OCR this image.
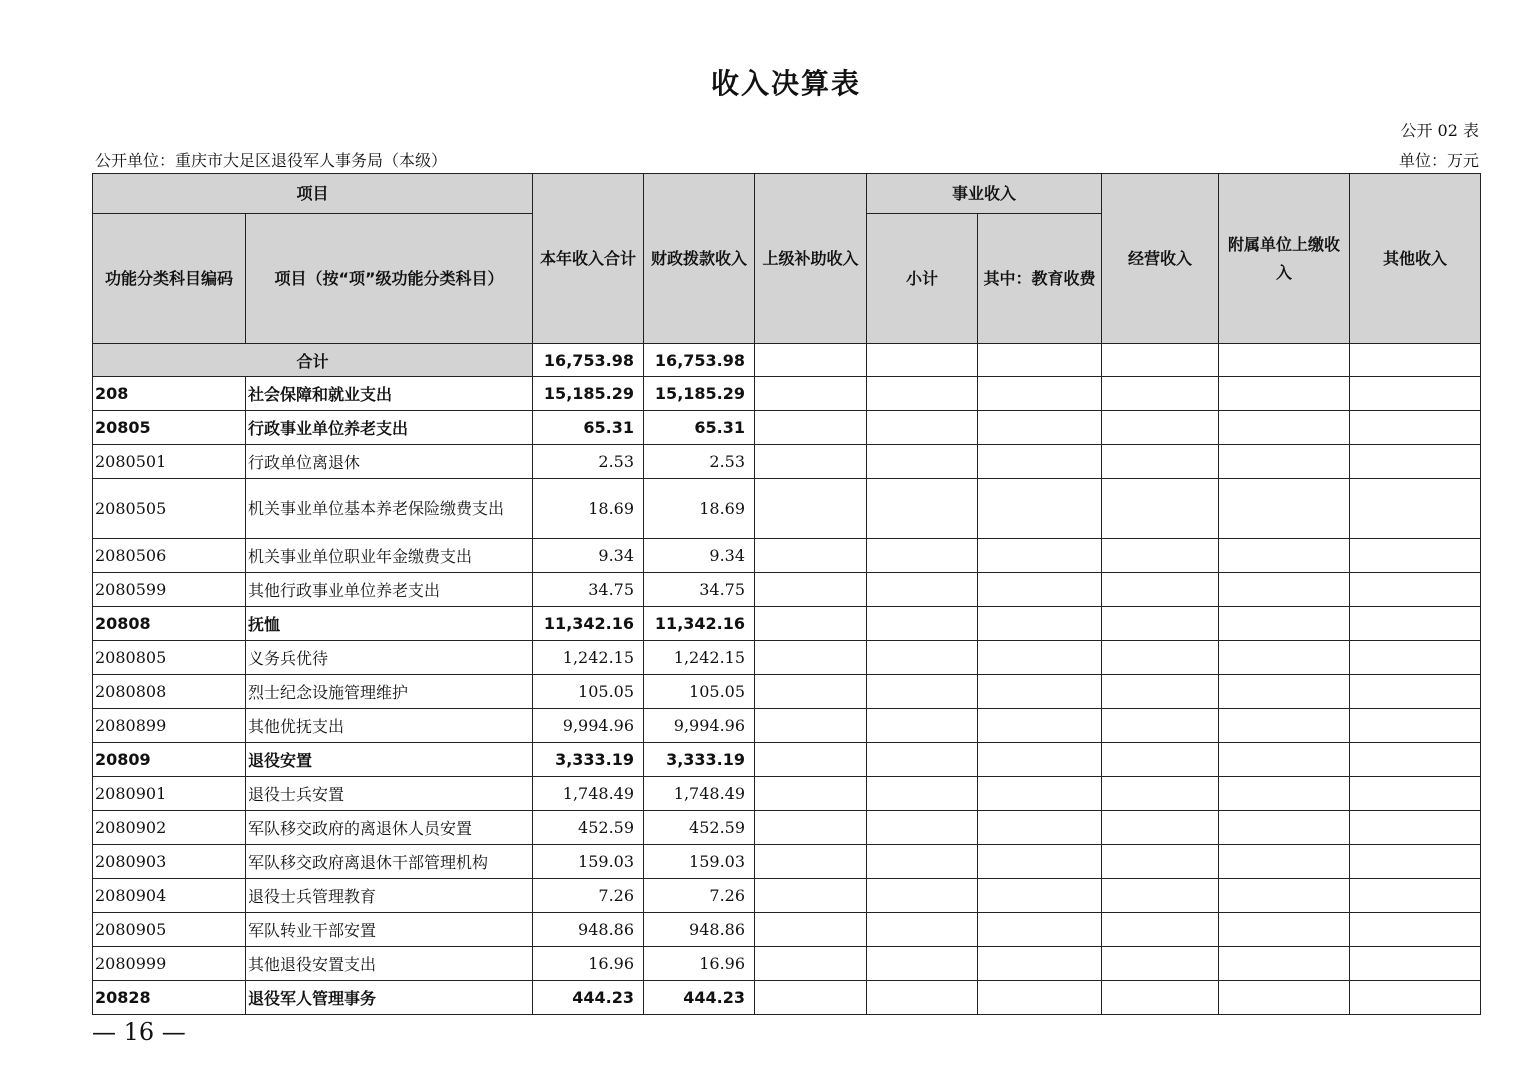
收入决算表
公开 02 表
公开单位：重庆市大足区退役军人事务局（本级）	单位：万元
项目		本年收入合计	财政拨款收入	上级补助收入	事业收入		经营收入	附属单位上缴收入	其他收入
功能分类科目编码	项目（按“项”级功能分类科目）				小计	其中：教育收费			
合计		16,753.98	16,753.98						
208	社会保障和就业支出	15,185.29	15,185.29						
20805	行政事业单位养老支出	65.31	65.31						
2080501	行政单位离退休	2.53	2.53						
2080505	机关事业单位基本养老保险缴费支出	18.69	18.69						
2080506	机关事业单位职业年金缴费支出	9.34	9.34						
2080599	其他行政事业单位养老支出	34.75	34.75						
20808	抚恤	11,342.16	11,342.16						
2080805	义务兵优待	1,242.15	1,242.15						
2080808	烈士纪念设施管理维护	105.05	105.05						
2080899	其他优抚支出	9,994.96	9,994.96						
20809	退役安置	3,333.19	3,333.19						
2080901	退役士兵安置	1,748.49	1,748.49						
2080902	军队移交政府的离退休人员安置	452.59	452.59						
2080903	军队移交政府离退休干部管理机构	159.03	159.03						
2080904	退役士兵管理教育	7.26	7.26						
2080905	军队转业干部安置	948.86	948.86						
2080999	其他退役安置支出	16.96	16.96						
20828	退役军人管理事务	444.23	444.23						
— 16 —
